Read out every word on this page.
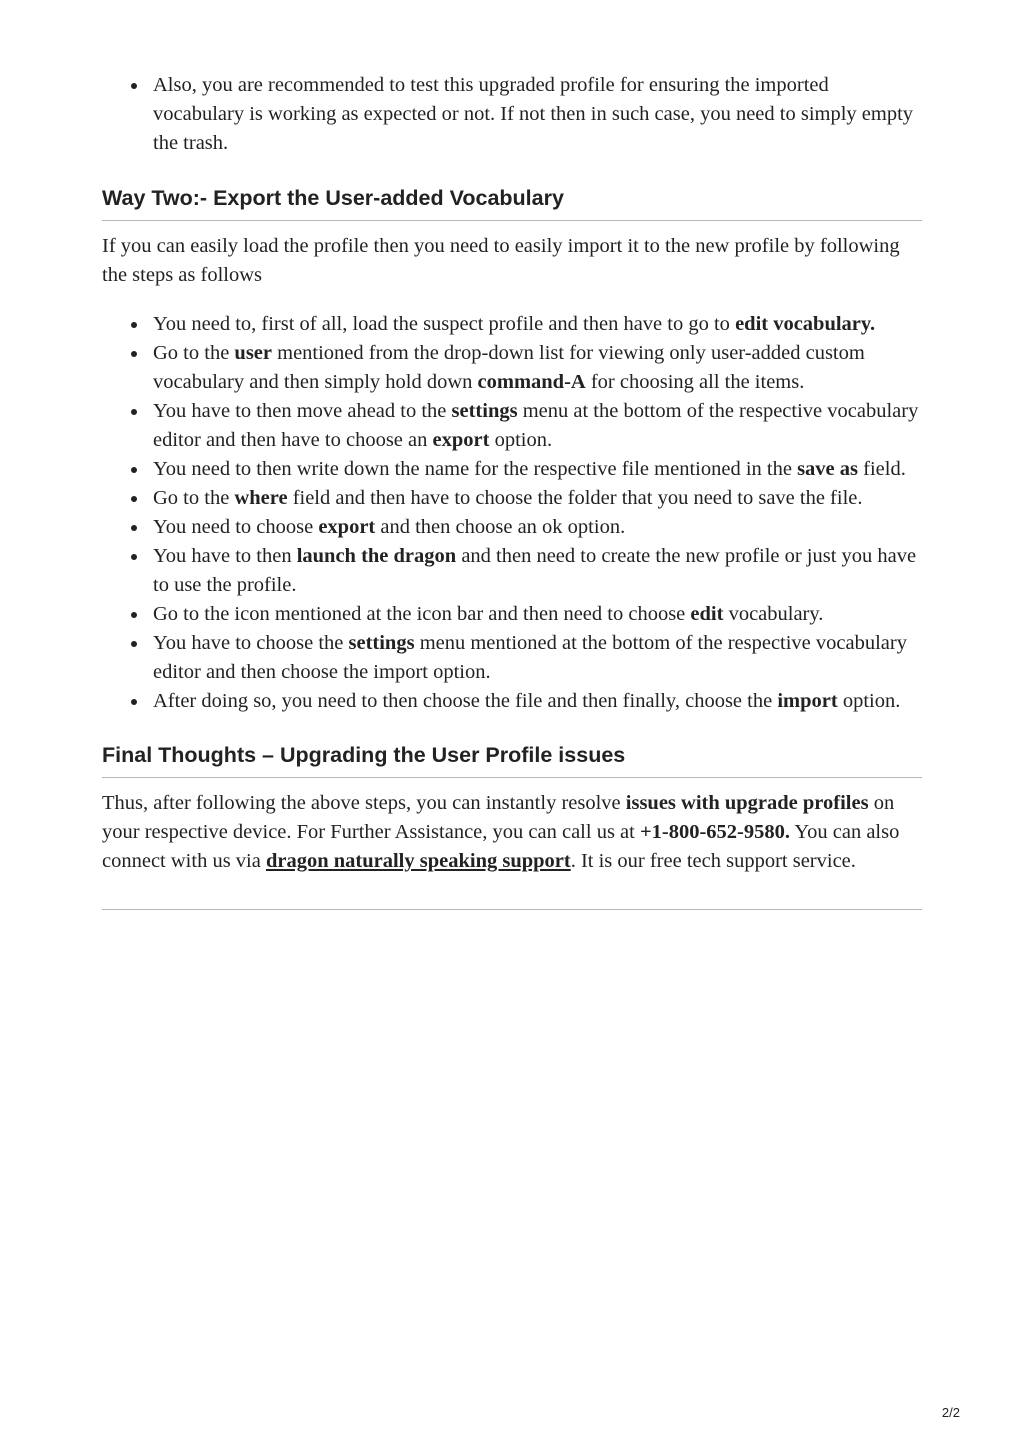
Also, you are recommended to test this upgraded profile for ensuring the imported vocabulary is working as expected or not. If not then in such case, you need to simply empty the trash.
Way Two:- Export the User-added Vocabulary

If you can easily load the profile then you need to easily import it to the new profile by following the steps as follows

You need to, first of all, load the suspect profile and then have to go to edit vocabulary.
Go to the user mentioned from the drop-down list for viewing only user-added custom vocabulary and then simply hold down command-A for choosing all the items.
You have to then move ahead to the settings menu at the bottom of the respective vocabulary editor and then have to choose an export option.
You need to then write down the name for the respective file mentioned in the save as field.
Go to the where field and then have to choose the folder that you need to save the file.
You need to choose export and then choose an ok option.
You have to then launch the dragon and then need to create the new profile or just you have to use the profile.
Go to the icon mentioned at the icon bar and then need to choose edit vocabulary.
You have to choose the settings menu mentioned at the bottom of the respective vocabulary editor and then choose the import option.
After doing so, you need to then choose the file and then finally, choose the import option.
Final Thoughts – Upgrading the User Profile issues

Thus, after following the above steps, you can instantly resolve issues with upgrade profiles on your respective device. For Further Assistance, you can call us at +1-800-652-9580. You can also connect with us via dragon naturally speaking support. It is our free tech support service.

2/2
